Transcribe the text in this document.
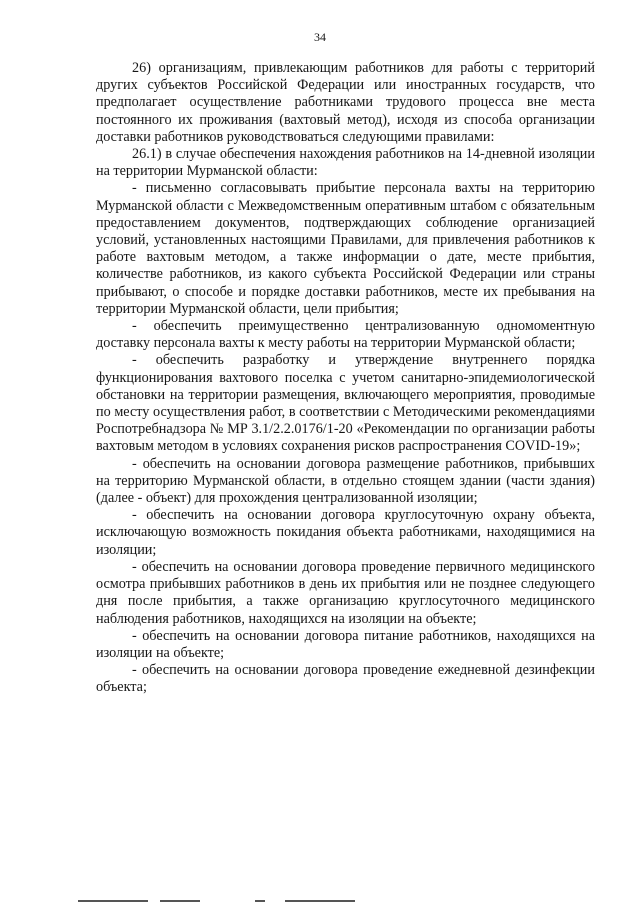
34
26) организациям, привлекающим работников для работы с территорий других субъектов Российской Федерации или иностранных государств, что предполагает осуществление работниками трудового процесса вне места постоянного их проживания (вахтовый метод), исходя из способа организации доставки работников руководствоваться следующими правилами:
26.1) в случае обеспечения нахождения работников на 14-дневной изоляции на территории Мурманской области:
- письменно согласовывать прибытие персонала вахты на территорию Мурманской области с Межведомственным оперативным штабом с обязательным предоставлением документов, подтверждающих соблюдение организацией условий, установленных настоящими Правилами, для привлечения работников к работе вахтовым методом, а также информации о дате, месте прибытия, количестве работников, из какого субъекта Российской Федерации или страны прибывают, о способе и порядке доставки работников, месте их пребывания на территории Мурманской области, цели прибытия;
- обеспечить преимущественно централизованную одномоментную доставку персонала вахты к месту работы на территории Мурманской области;
- обеспечить разработку и утверждение внутреннего порядка функционирования вахтового поселка с учетом санитарно-эпидемиологической обстановки на территории размещения, включающего мероприятия, проводимые по месту осуществления работ, в соответствии с Методическими рекомендациями Роспотребнадзора № МР 3.1/2.2.0176/1-20 «Рекомендации по организации работы вахтовым методом в условиях сохранения рисков распространения COVID-19»;
- обеспечить на основании договора размещение работников, прибывших на территорию Мурманской области, в отдельно стоящем здании (части здания) (далее - объект) для прохождения централизованной изоляции;
- обеспечить на основании договора круглосуточную охрану объекта, исключающую возможность покидания объекта работниками, находящимися на изоляции;
- обеспечить на основании договора проведение первичного медицинского осмотра прибывших работников в день их прибытия или не позднее следующего дня после прибытия, а также организацию круглосуточного медицинского наблюдения работников, находящихся на изоляции на объекте;
- обеспечить на основании договора питание работников, находящихся на изоляции на объекте;
- обеспечить на основании договора проведение ежедневной дезинфекции объекта;
